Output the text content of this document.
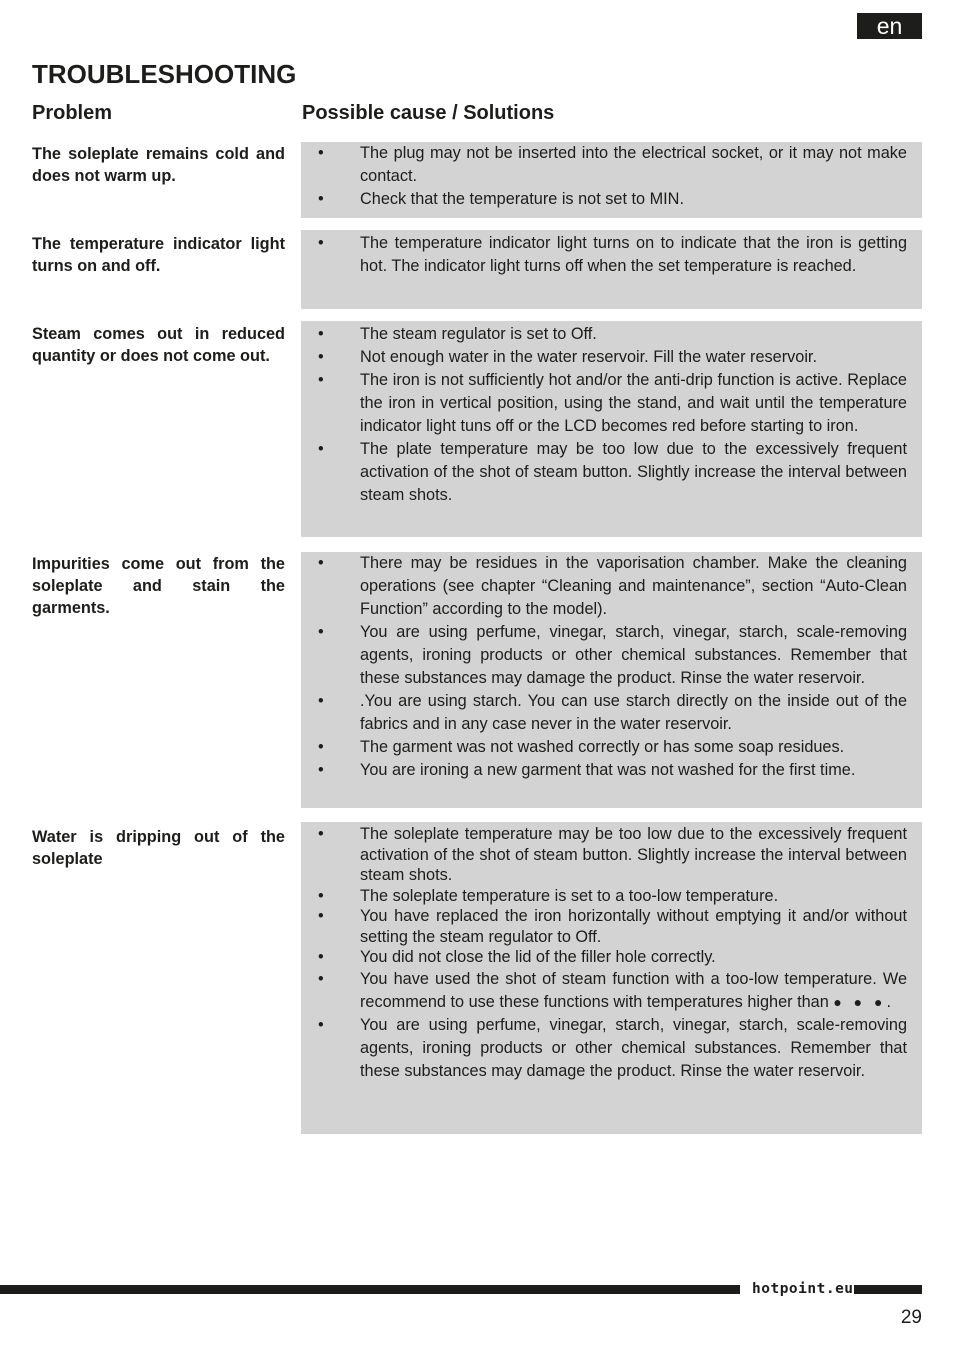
en
TROUBLESHOOTING
Problem	Possible cause / Solutions
The soleplate remains cold and does not warm up.
• The plug may not be inserted into the electrical socket, or it may not make contact.
• Check that the temperature is not set to MIN.
The temperature indicator light turns on and off.
• The temperature indicator light turns on to indicate that the iron is getting hot. The indicator light turns off when the set temperature is reached.
Steam comes out in reduced quantity or does not come out.
• The steam regulator is set to Off.
• Not enough water in the water reservoir. Fill the water reservoir.
• The iron is not sufficiently hot and/or the anti-drip function is active. Replace the iron in vertical position, using the stand, and wait until the temperature indicator light tuns off or the LCD becomes red before starting to iron.
• The plate temperature may be too low due to the excessively frequent activation of the shot of steam button. Slightly increase the interval between steam shots.
Impurities come out from the soleplate and stain the garments.
• There may be residues in the vaporisation chamber. Make the cleaning operations (see chapter “Cleaning and maintenance”, section “Auto-Clean Function” according to the model).
• You are using perfume, vinegar, starch, vinegar, starch, scale-removing agents, ironing products or other chemical substances. Remember that these substances may damage the product. Rinse the water reservoir.
• .You are using starch. You can use starch directly on the inside out of the fabrics and in any case never in the water reservoir.
• The garment was not washed correctly or has some soap residues.
• You are ironing a new garment that was not washed for the first time.
Water is dripping out of the soleplate
• The soleplate temperature may be too low due to the excessively frequent activation of the shot of steam button. Slightly increase the interval between steam shots.
• The soleplate temperature is set to a too-low temperature.
• You have replaced the iron horizontally without emptying it and/or without setting the steam regulator to Off.
• You did not close the lid of the filler hole correctly.
• You have used the shot of steam function with a too-low temperature. We recommend to use these functions with temperatures higher than ● ● ●.
• You are using perfume, vinegar, starch, vinegar, starch, scale-removing agents, ironing products or other chemical substances. Remember that these substances may damage the product. Rinse the water reservoir.
hotpoint.eu
29
